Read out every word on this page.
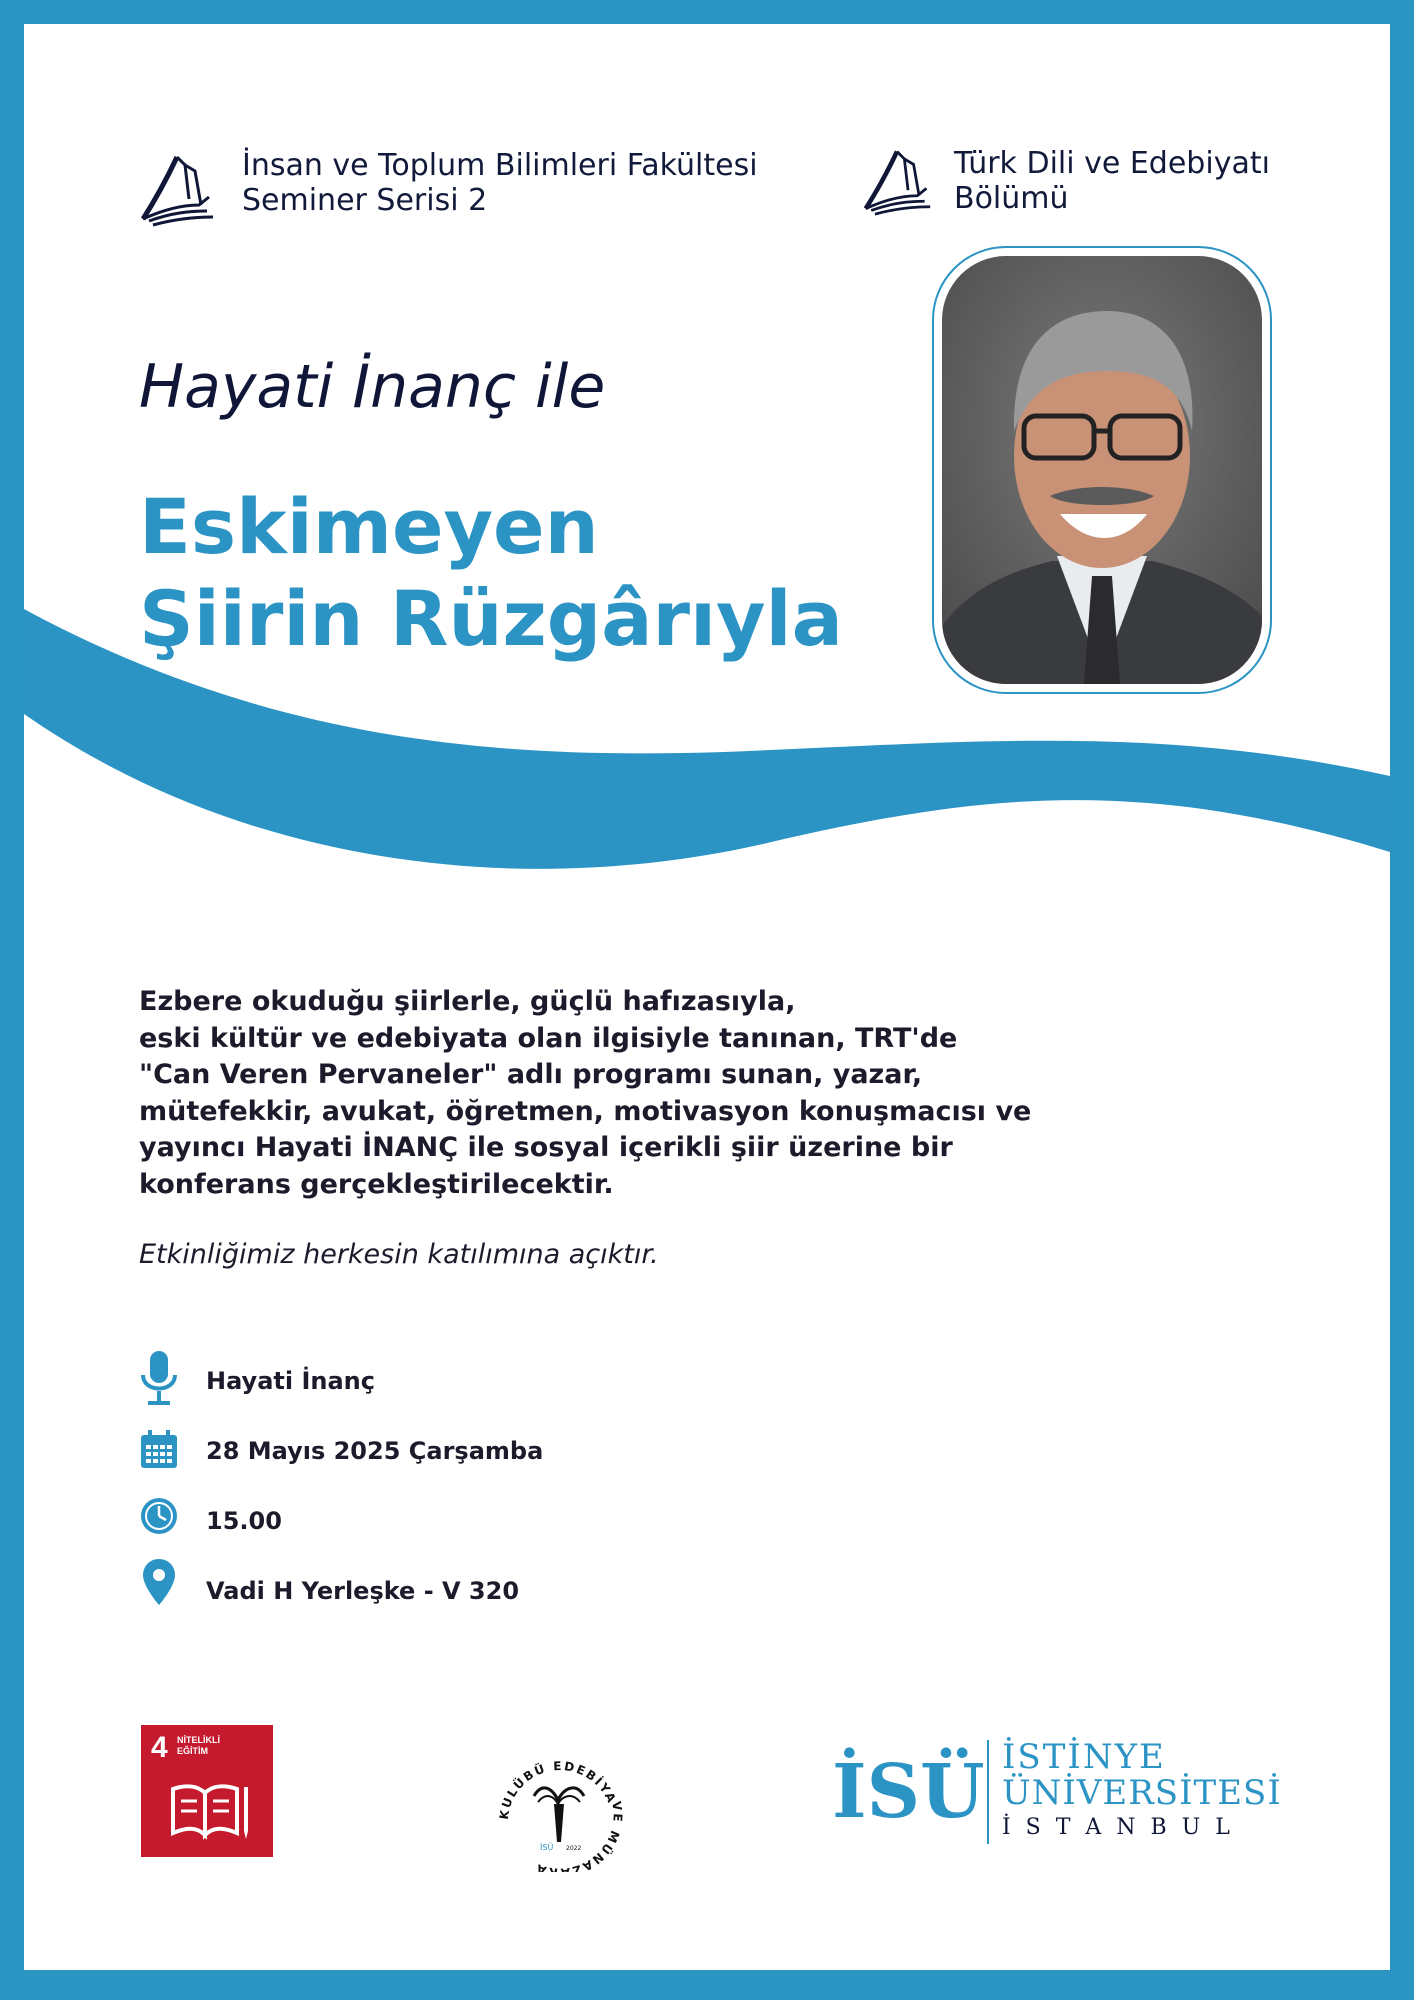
İnsan ve Toplum Bilimleri Fakültesi
Seminer Serisi 2
Türk Dili ve Edebiyatı
Bölümü
Hayati İnanç ile
Eskimeyen
Şiirin Rüzgârıyla
Ezbere okuduğu şiirlerle, güçlü hafızasıyla,
eski kültür ve edebiyata olan ilgisiyle tanınan, TRT'de
"Can Veren Pervaneler" adlı programı sunan, yazar,
mütefekkir, avukat, öğretmen, motivasyon konuşmacısı ve
yayıncı Hayati İNANÇ ile sosyal içerikli şiir üzerine bir
konferans gerçekleştirilecektir.
Etkinliğimiz herkesin katılımına açıktır.
Hayati İnanç
28 Mayıs 2025 Çarşamba
15.00
Vadi H Yerleşke - V 320
4 NİTELİKLİ
EĞİTİM
KULÜBÜ EDEBİYA
VE MÜNAZ A
İSÜ 2022
İSÜ İSTİNYE
ÜNİVERSİTESİ
İ S T A N B U L
